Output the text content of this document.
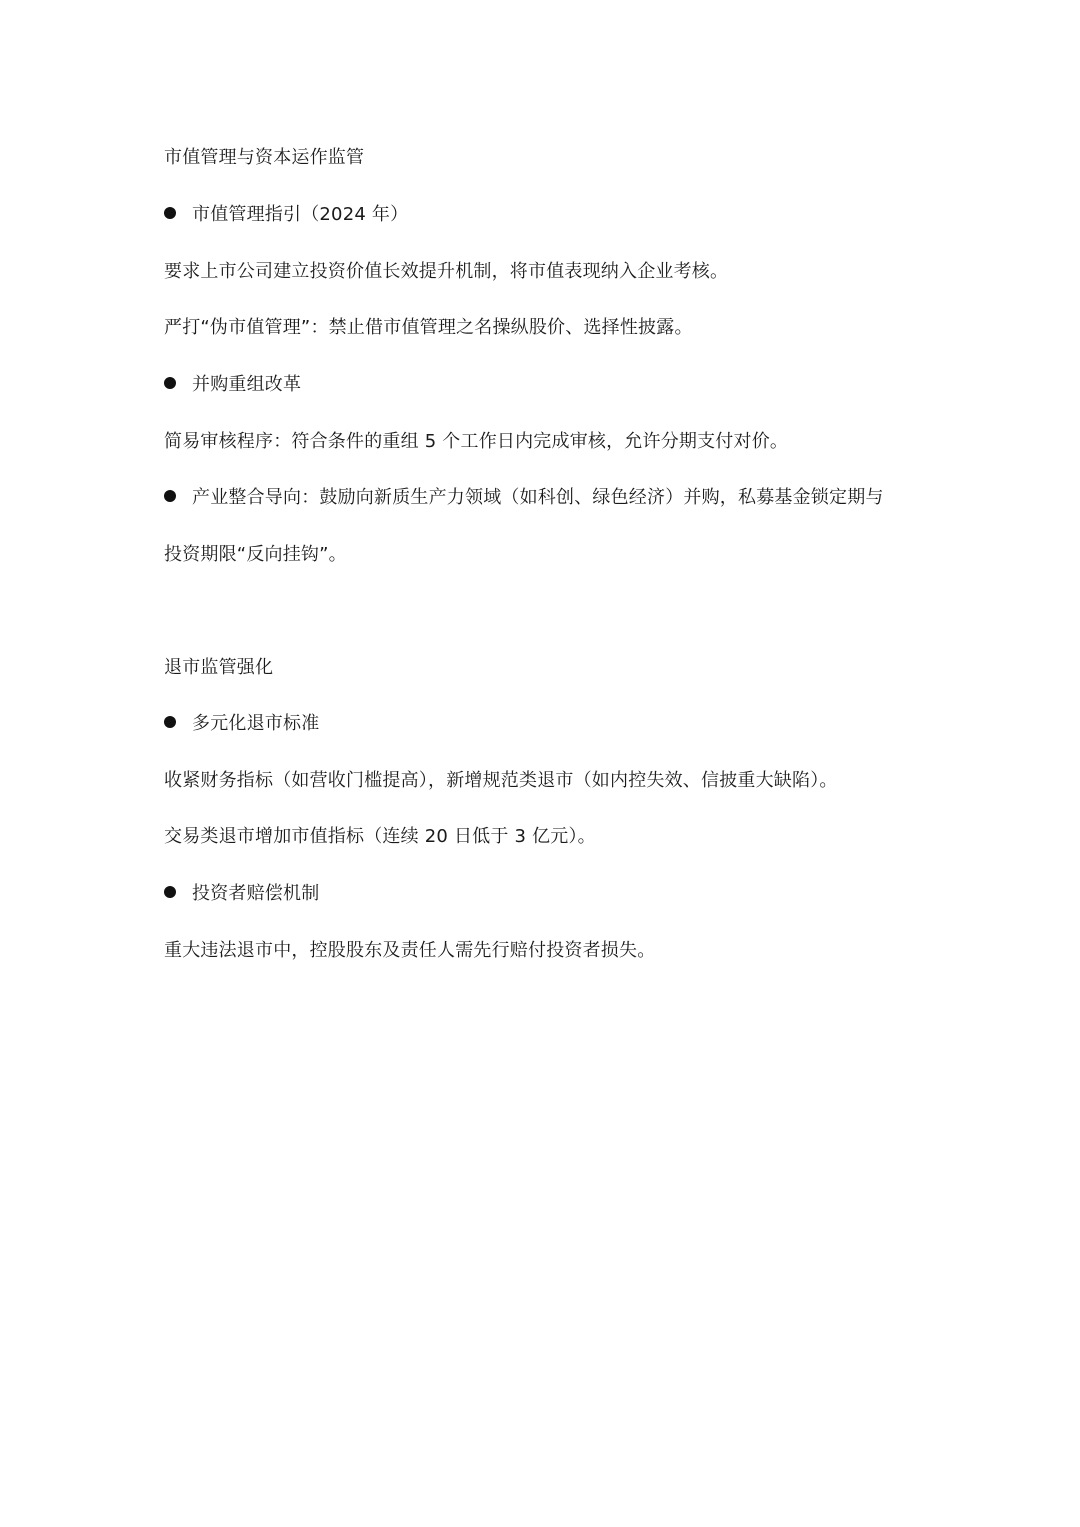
市值管理与资本运作监管
市值管理指引（2024 年）
要求上市公司建立投资价值长效提升机制，将市值表现纳入企业考核。
严打“伪市值管理”：禁止借市值管理之名操纵股价、选择性披露。
并购重组改革
简易审核程序：符合条件的重组 5 个工作日内完成审核，允许分期支付对价。
产业整合导向：鼓励向新质生产力领域（如科创、绿色经济）并购，私募基金锁定期与
投资期限“反向挂钩”。
退市监管强化
多元化退市标准
收紧财务指标（如营收门槛提高），新增规范类退市（如内控失效、信披重大缺陷）。
交易类退市增加市值指标（连续 20 日低于 3 亿元）。
投资者赔偿机制
重大违法退市中，控股股东及责任人需先行赔付投资者损失。
